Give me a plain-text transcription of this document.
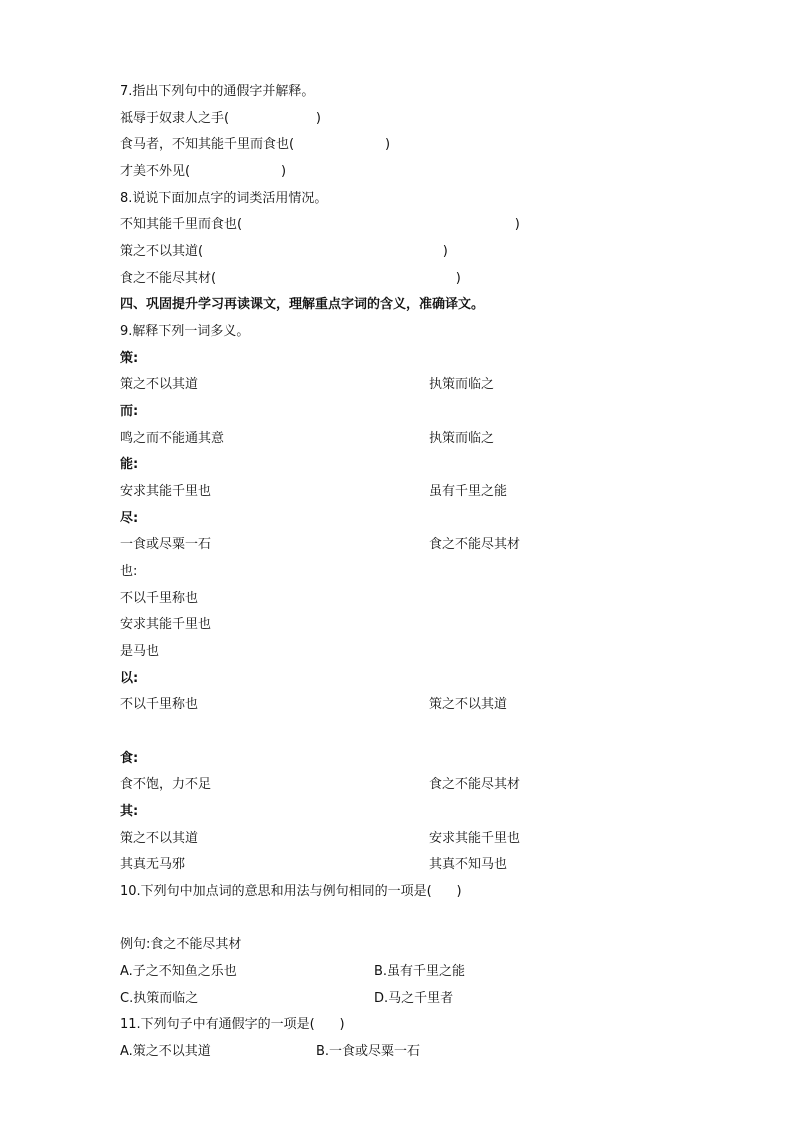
7.指出下列句中的通假字并解释。
祗辱于奴隶人之手(                     )
食马者，不知其能千里而食也(                      )
才美不外见(                      )
8.说说下面加点字的词类活用情况。
不知其能千里而食也(                                                                  )
策之不以其道(                                                          )
食之不能尽其材(                                                          )
四、巩固提升学习再读课文，理解重点字词的含义，准确译文。
9.解释下列一词多义。
策:
策之不以其道	执策而临之
而:
鸣之而不能通其意	执策而临之
能:
安求其能千里也	虽有千里之能
尽:
一食或尽粟一石	食之不能尽其材
也:
不以千里称也
安求其能千里也
是马也
以:
不以千里称也	策之不以其道
食:
食不饱，力不足	食之不能尽其材
其:
策之不以其道	安求其能千里也
其真无马邪	其真不知马也
10.下列句中加点词的意思和用法与例句相同的一项是(      )
例句:食之不能尽其材
A.子之不知鱼之乐也	B.虽有千里之能
C.执策而临之	D.马之千里者
11.下列句子中有通假字的一项是(      )
A.策之不以其道	B.一食或尽粟一石
